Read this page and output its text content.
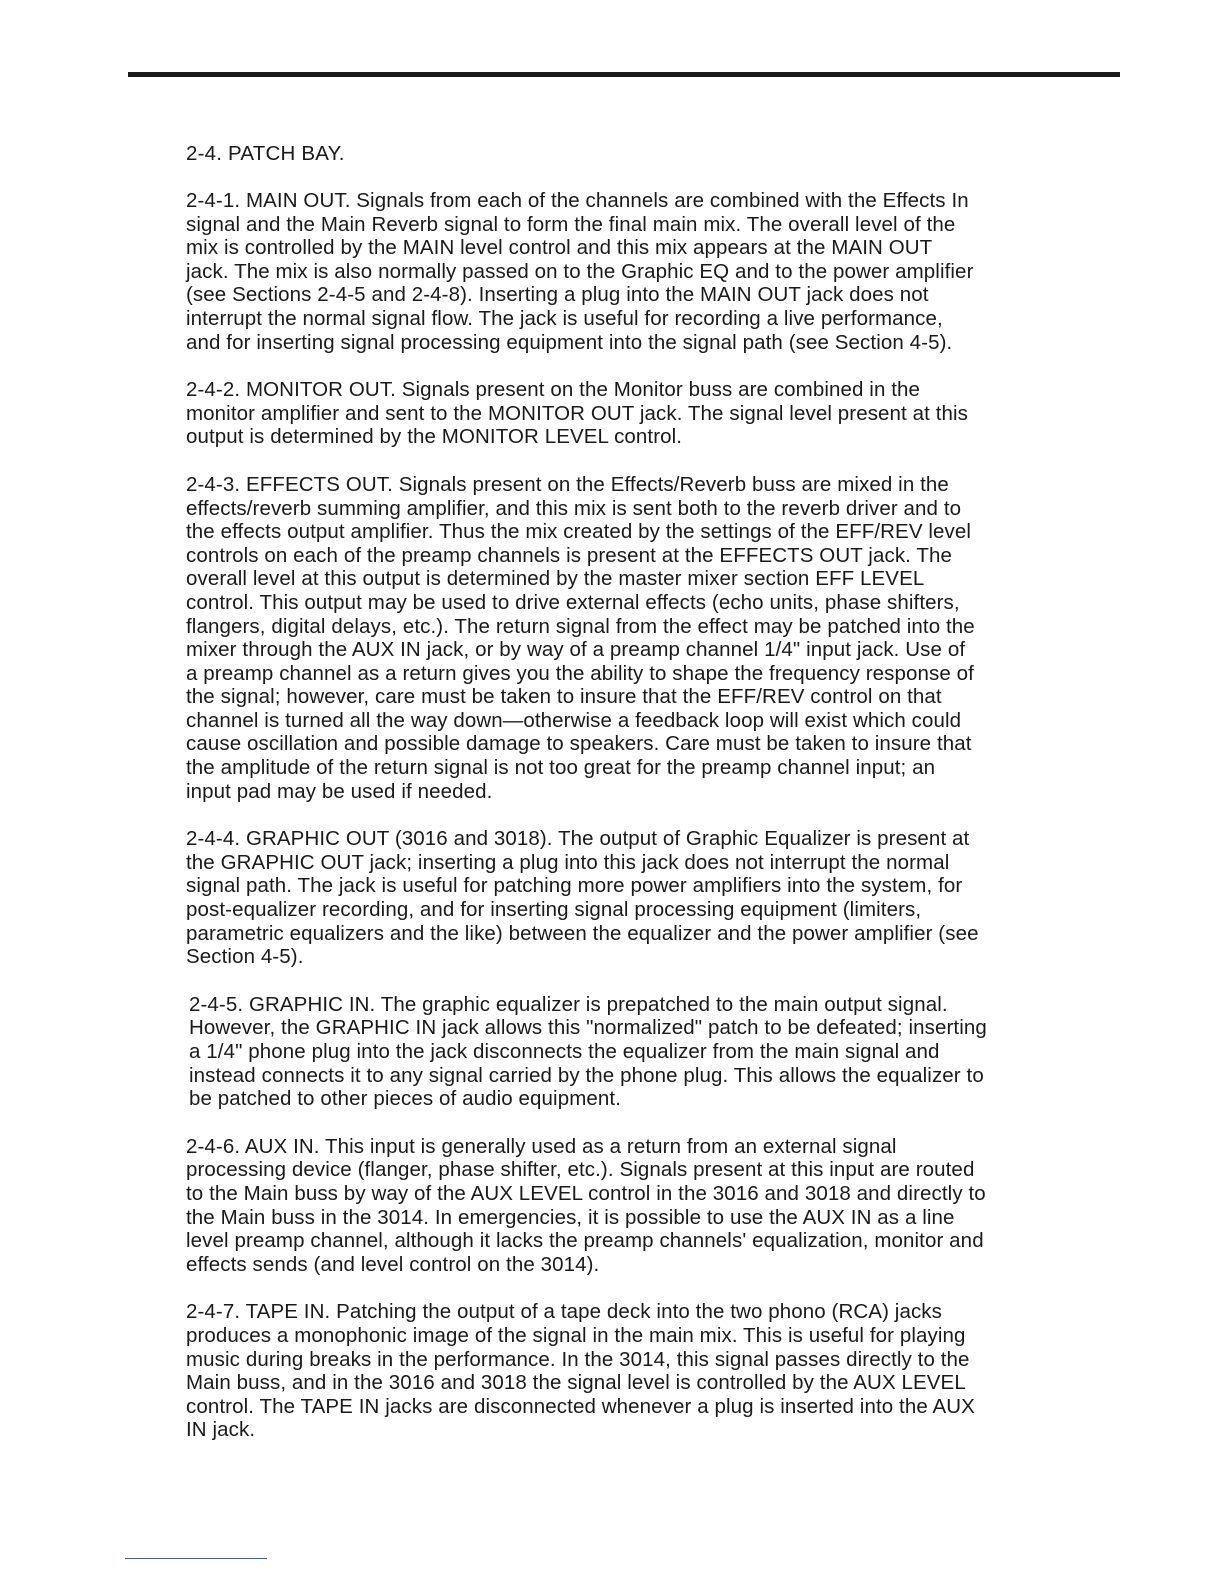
2-4. PATCH BAY.
2-4-1. MAIN OUT. Signals from each of the channels are combined with the Effects In
signal and the Main Reverb signal to form the final main mix. The overall level of the
mix is controlled by the MAIN level control and this mix appears at the MAIN OUT
jack. The mix is also normally passed on to the Graphic EQ and to the power amplifier
(see Sections 2-4-5 and 2-4-8). Inserting a plug into the MAIN OUT jack does not
interrupt the normal signal flow. The jack is useful for recording a live performance,
and for inserting signal processing equipment into the signal path (see Section 4-5).
2-4-2. MONITOR OUT. Signals present on the Monitor buss are combined in the
monitor amplifier and sent to the MONITOR OUT jack. The signal level present at this
output is determined by the MONITOR LEVEL control.
2-4-3. EFFECTS OUT. Signals present on the Effects/Reverb buss are mixed in the
effects/reverb summing amplifier, and this mix is sent both to the reverb driver and to
the effects output amplifier. Thus the mix created by the settings of the EFF/REV level
controls on each of the preamp channels is present at the EFFECTS OUT jack. The
overall level at this output is determined by the master mixer section EFF LEVEL
control. This output may be used to drive external effects (echo units, phase shifters,
flangers, digital delays, etc.). The return signal from the effect may be patched into the
mixer through the AUX IN jack, or by way of a preamp channel 1/4" input jack. Use of
a preamp channel as a return gives you the ability to shape the frequency response of
the signal; however, care must be taken to insure that the EFF/REV control on that
channel is turned all the way down—otherwise a feedback loop will exist which could
cause oscillation and possible damage to speakers. Care must be taken to insure that
the amplitude of the return signal is not too great for the preamp channel input; an
input pad may be used if needed.
2-4-4. GRAPHIC OUT (3016 and 3018). The output of Graphic Equalizer is present at
the GRAPHIC OUT jack; inserting a plug into this jack does not interrupt the normal
signal path. The jack is useful for patching more power amplifiers into the system, for
post-equalizer recording, and for inserting signal processing equipment (limiters,
parametric equalizers and the like) between the equalizer and the power amplifier (see
Section 4-5).
2-4-5. GRAPHIC IN. The graphic equalizer is prepatched to the main output signal.
However, the GRAPHIC IN jack allows this "normalized" patch to be defeated; inserting
a 1/4" phone plug into the jack disconnects the equalizer from the main signal and
instead connects it to any signal carried by the phone plug. This allows the equalizer to
be patched to other pieces of audio equipment.
2-4-6. AUX IN. This input is generally used as a return from an external signal
processing device (flanger, phase shifter, etc.). Signals present at this input are routed
to the Main buss by way of the AUX LEVEL control in the 3016 and 3018 and directly to
the Main buss in the 3014. In emergencies, it is possible to use the AUX IN as a line
level preamp channel, although it lacks the preamp channels' equalization, monitor and
effects sends (and level control on the 3014).
2-4-7. TAPE IN. Patching the output of a tape deck into the two phono (RCA) jacks
produces a monophonic image of the signal in the main mix. This is useful for playing
music during breaks in the performance. In the 3014, this signal passes directly to the
Main buss, and in the 3016 and 3018 the signal level is controlled by the AUX LEVEL
control. The TAPE IN jacks are disconnected whenever a plug is inserted into the AUX
IN jack.
